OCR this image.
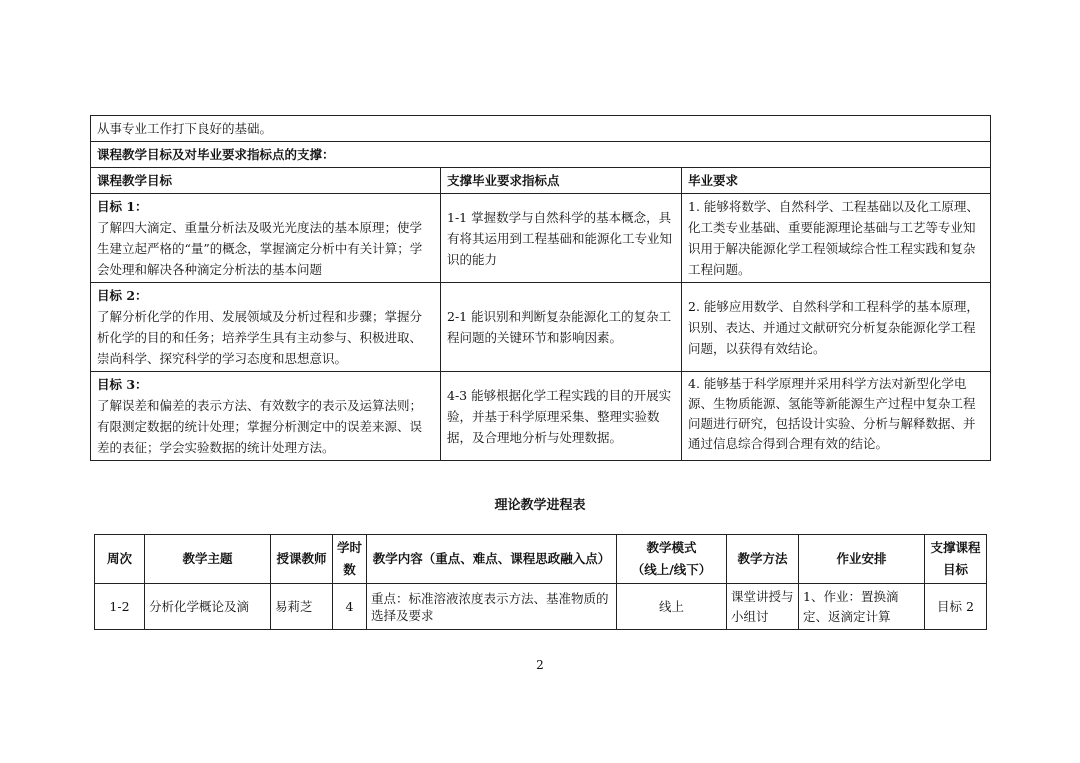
从事专业工作打下良好的基础。		
课程教学目标及对毕业要求指标点的支撑：		
课程教学目标	支撑毕业要求指标点	毕业要求

目标 1：
了解四大滴定、重量分析法及吸光光度法的基本原理；使学生建立起严格的“量”的概念，掌握滴定分析中有关计算；学会处理和解决各种滴定分析法的基本问题	1-1 掌握数学与自然科学的基本概念，具有将其运用到工程基础和能源化工专业知识的能力	1. 能够将数学、自然科学、工程基础以及化工原理、化工类专业基础、重要能源理论基础与工艺等专业知识用于解决能源化学工程领域综合性工程实践和复杂工程问题。

目标 2：
了解分析化学的作用、发展领域及分析过程和步骤；掌握分析化学的目的和任务；培养学生具有主动参与、积极进取、崇尚科学、探究科学的学习态度和思想意识。	2-1 能识别和判断复杂能源化工的复杂工程问题的关键环节和影响因素。	2. 能够应用数学、自然科学和工程科学的基本原理，识别、表达、并通过文献研究分析复杂能源化学工程问题，以获得有效结论。

目标 3：
了解误差和偏差的表示方法、有效数字的表示及运算法则；有限测定数据的统计处理；掌握分析测定中的误差来源、误差的表征；学会实验数据的统计处理方法。	4-3 能够根据化学工程实践的目的开展实验，并基于科学原理采集、整理实验数据，及合理地分析与处理数据。	4. 能够基于科学原理并采用科学方法对新型化学电源、生物质能源、氢能等新能源生产过程中复杂工程问题进行研究，包括设计实验、分析与解释数据、并通过信息综合得到合理有效的结论。
理论教学进程表
周次	教学主题	授课教师	学时数	教学内容（重点、难点、课程思政融入点）	教学模式
（线上/线下）	教学方法	作业安排	支撑课程目标
1-2	分析化学概论及滴	易莉芝	4	重点：标准溶液浓度表示方法、基准物质的选择及要求	线上	课堂讲授与小组讨	1、作业：置换滴定、返滴定计算	目标 2
2
